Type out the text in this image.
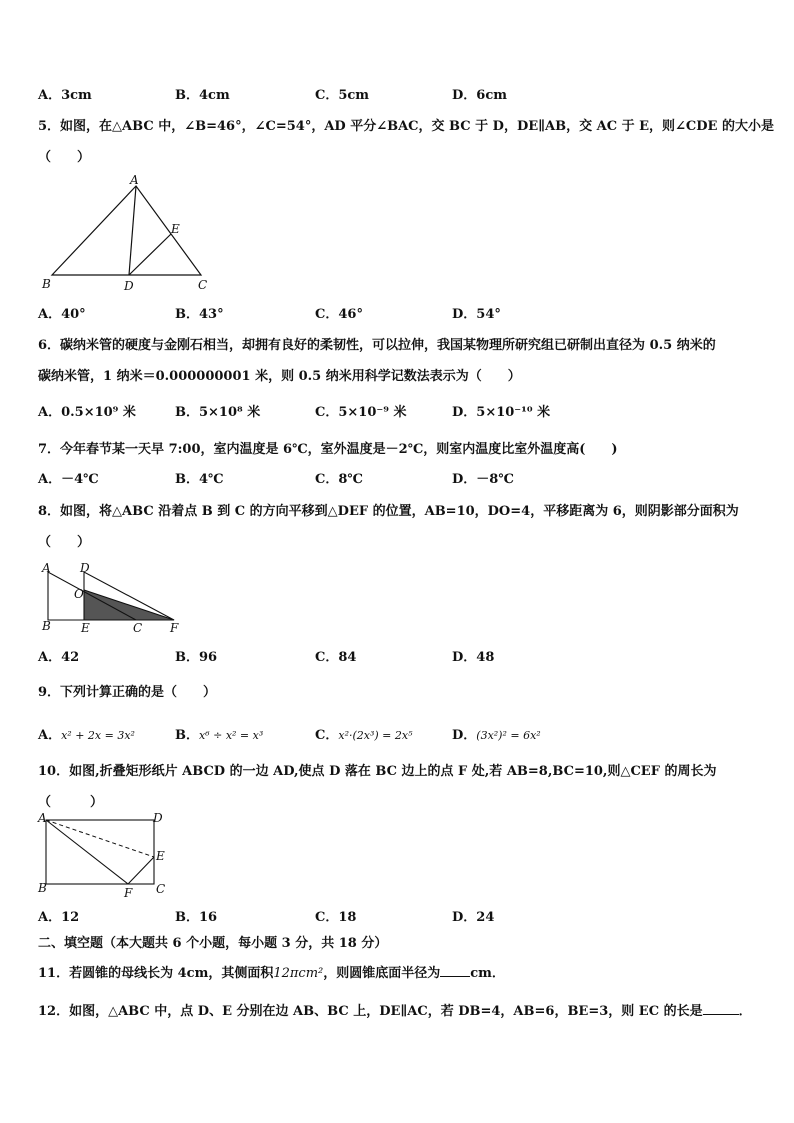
A．3cm	B．4cm	C．5cm	D．6cm
5．如图，在△ABC 中，∠B=46°，∠C=54°，AD 平分∠BAC，交 BC 于 D，DE∥AB，交 AC 于 E，则∠CDE 的大小是
（　　）
A
B	D	C
E
A．40°	B．43°	C．46°	D．54°
6．碳纳米管的硬度与金刚石相当，却拥有良好的柔韧性，可以拉伸，我国某物理所研究组已研制出直径为 0.5 纳米的
碳纳米管，1 纳米＝0.000000001 米，则 0.5 纳米用科学记数法表示为（　　）
A．0.5×10⁹ 米	B．5×10⁸ 米	C．5×10⁻⁹ 米	D．5×10⁻¹⁰ 米
7．今年春节某一天早 7:00，室内温度是 6℃，室外温度是－2℃，则室内温度比室外温度高(　　)
A．－4℃	B．4℃	C．8℃	D．－8℃
8．如图，将△ABC 沿着点 B 到 C 的方向平移到△DEF 的位置，AB=10，DO=4，平移距离为 6，则阴影部分面积为
（　　）
A D
O
B	E	C F
A．42	B．96	C．84	D．48
9．下列计算正确的是（　　）
A．x² + 2x = 3x²	B．x⁶ ÷ x² = x³	C．x²·(2x³) = 2x⁵	D．(3x²)² = 6x²
10．如图,折叠矩形纸片 ABCD 的一边 AD,使点 D 落在 BC 边上的点 F 处,若 AB=8,BC=10,则△CEF 的周长为
（　　　）
A	D
E
B	F C
A．12	B．16	C．18	D．24
二、填空题（本大题共 6 个小题，每小题 3 分，共 18 分）
11．若圆锥的母线长为 4cm，其侧面积12πcm²，则圆锥底面半径为 cm．
12．如图，△ABC 中，点 D、E 分别在边 AB、BC 上，DE∥AC，若 DB=4，AB=6，BE=3，则 EC 的长是	．
